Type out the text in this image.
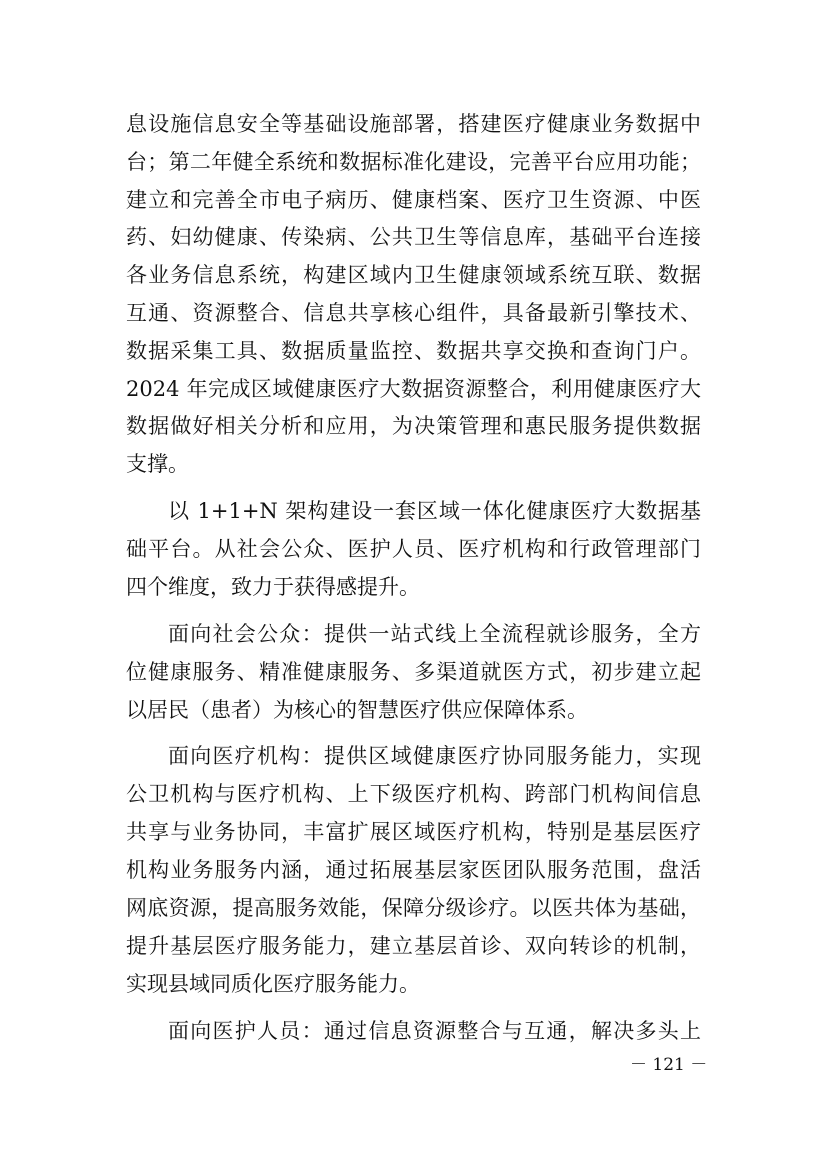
息设施信息安全等基础设施部署，搭建医疗健康业务数据中
台；第二年健全系统和数据标准化建设，完善平台应用功能；
建立和完善全市电子病历、健康档案、医疗卫生资源、中医
药、妇幼健康、传染病、公共卫生等信息库，基础平台连接
各业务信息系统，构建区域内卫生健康领域系统互联、数据
互通、资源整合、信息共享核心组件，具备最新引擎技术、
数据采集工具、数据质量监控、数据共享交换和查询门户。
2024 年完成区域健康医疗大数据资源整合，利用健康医疗大
数据做好相关分析和应用，为决策管理和惠民服务提供数据
支撑。
以 1+1+N 架构建设一套区域一体化健康医疗大数据基
础平台。从社会公众、医护人员、医疗机构和行政管理部门
四个维度，致力于获得感提升。
面向社会公众：提供一站式线上全流程就诊服务，全方
位健康服务、精准健康服务、多渠道就医方式，初步建立起
以居民（患者）为核心的智慧医疗供应保障体系。
面向医疗机构：提供区域健康医疗协同服务能力，实现
公卫机构与医疗机构、上下级医疗机构、跨部门机构间信息
共享与业务协同，丰富扩展区域医疗机构，特别是基层医疗
机构业务服务内涵，通过拓展基层家医团队服务范围，盘活
网底资源，提高服务效能，保障分级诊疗。以医共体为基础，
提升基层医疗服务能力，建立基层首诊、双向转诊的机制，
实现县域同质化医疗服务能力。
面向医护人员：通过信息资源整合与互通，解决多头上
－ 121 －
